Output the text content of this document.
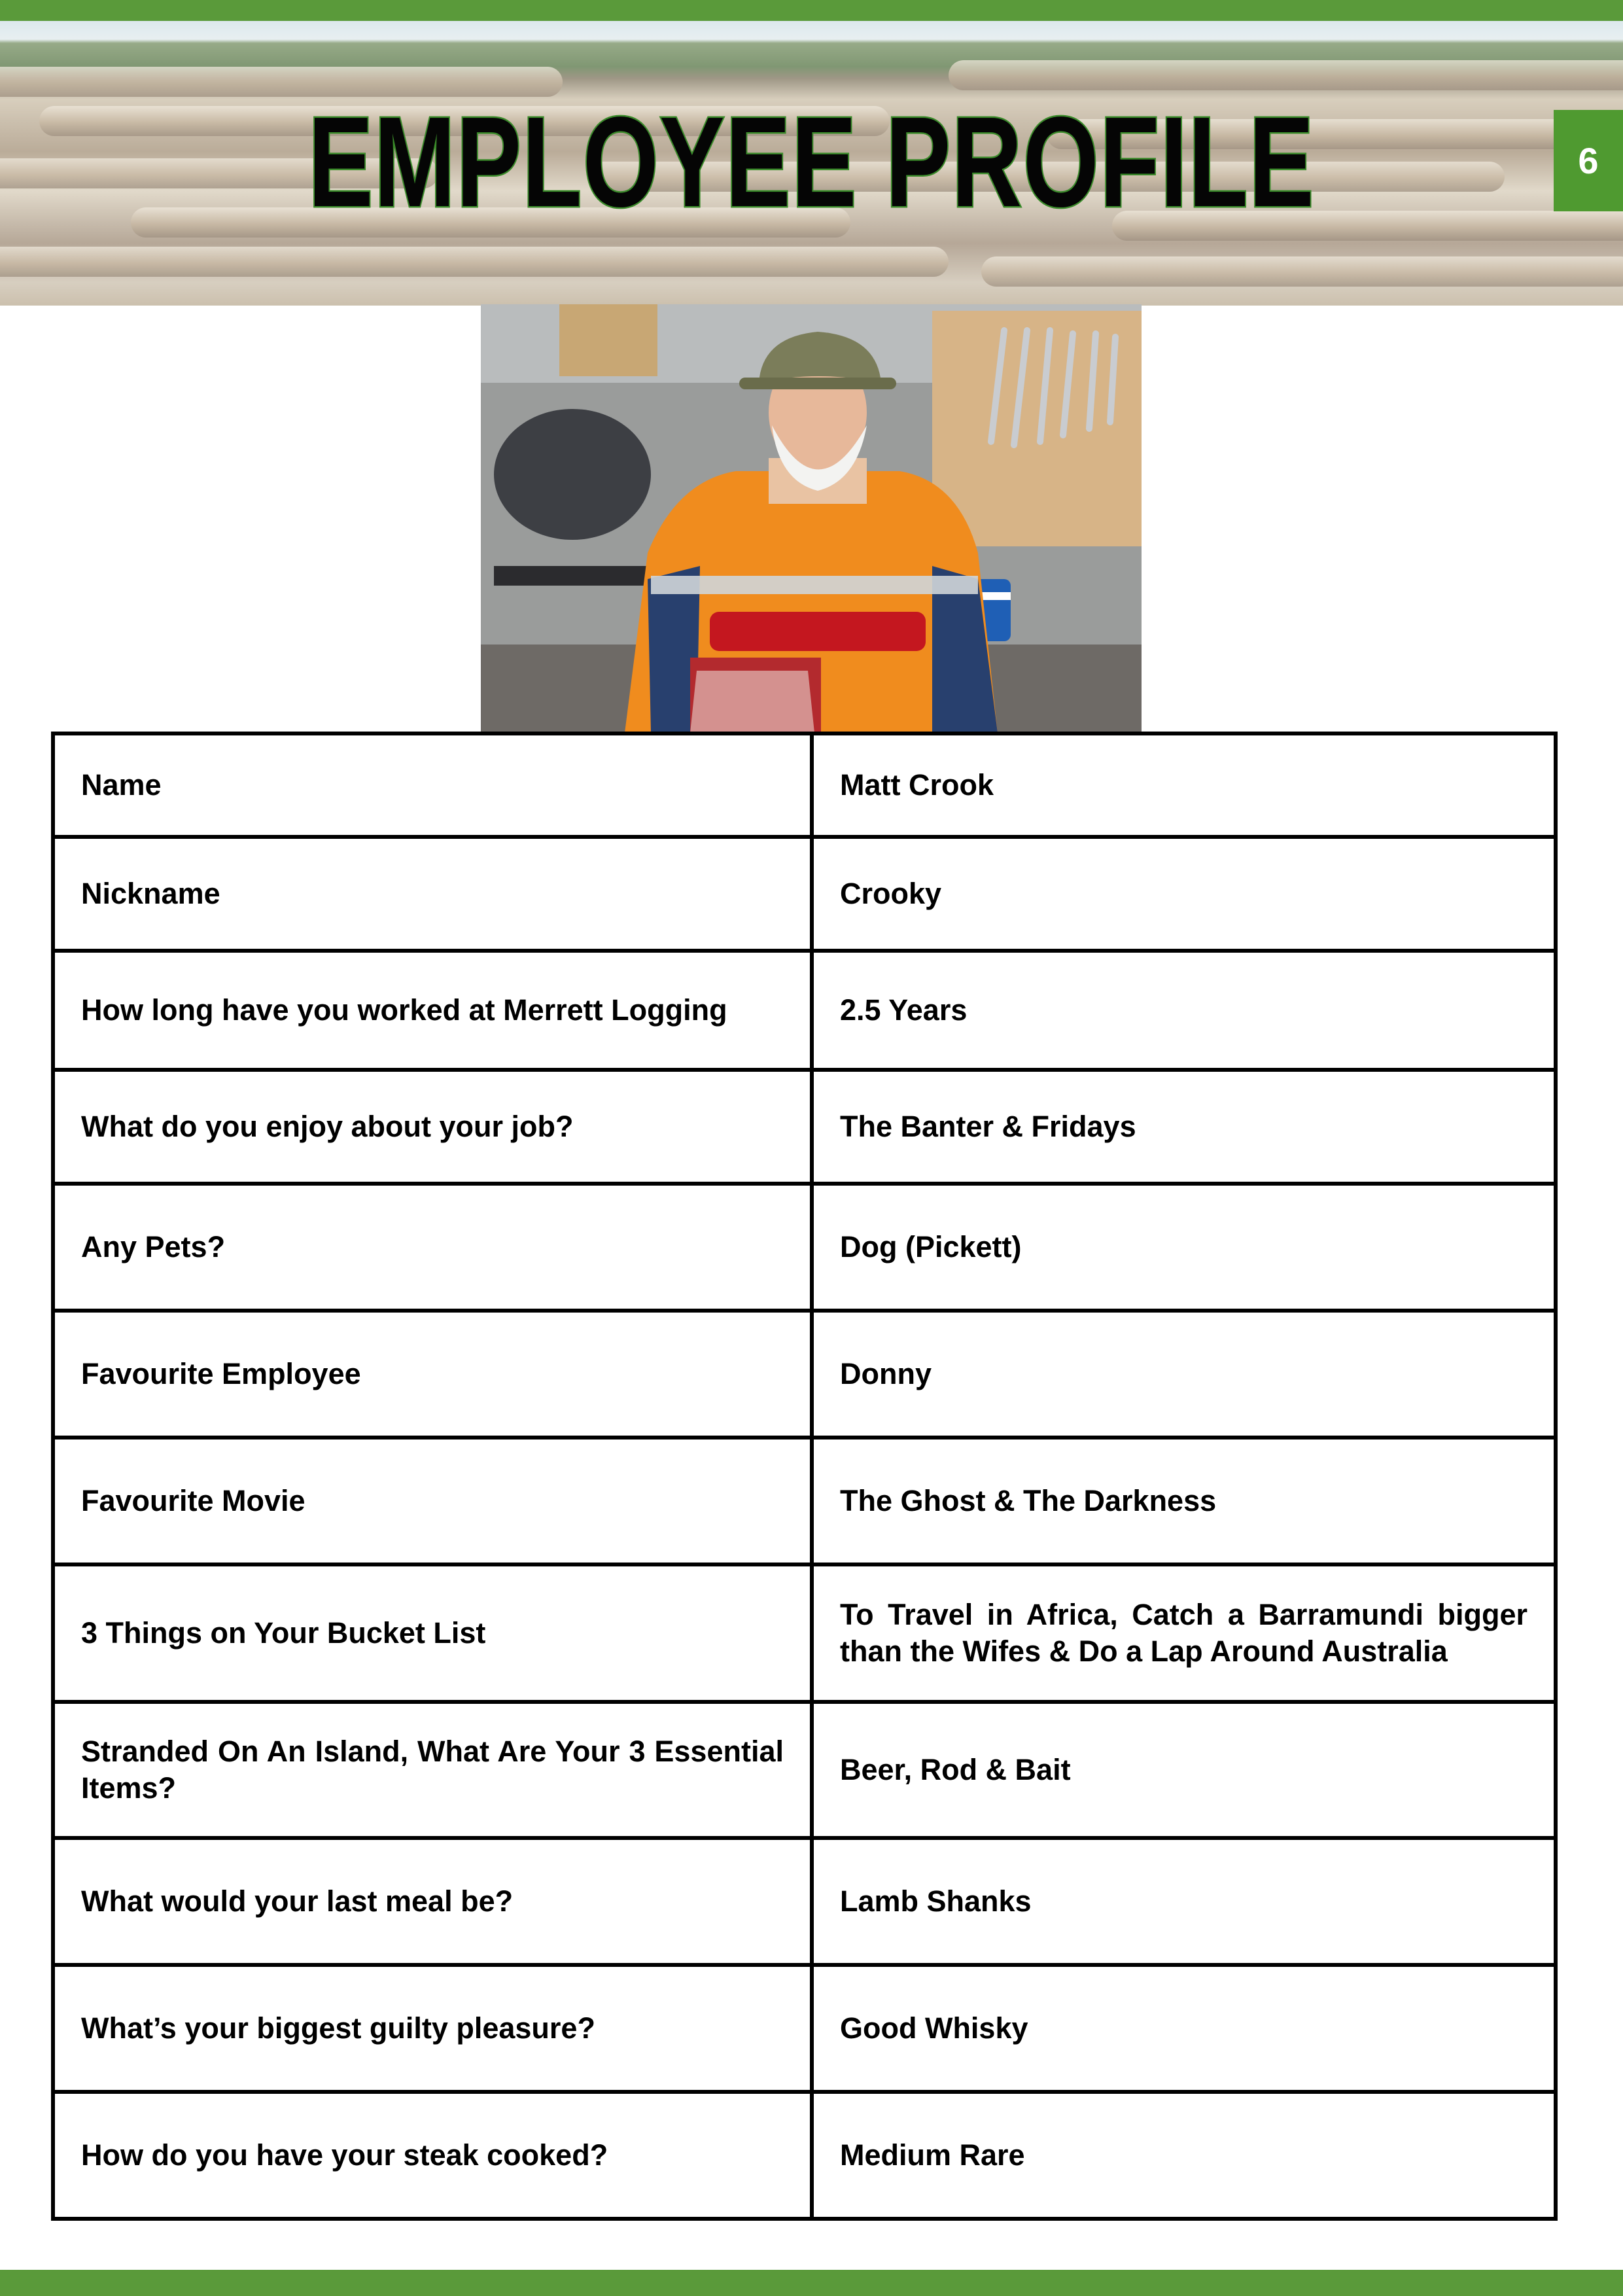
EMPLOYEE PROFILE	6
Name	Matt Crook
Nickname	Crooky
How long have you worked at Merrett Logging	2.5 Years
What do you enjoy about your job?	The Banter & Fridays
Any Pets?	Dog (Pickett)
Favourite Employee	Donny
Favourite Movie	The Ghost & The Darkness
3 Things on Your Bucket List	To Travel in Africa, Catch a Barramundi bigger than the Wifes & Do a Lap Around Australia
Stranded On An Island, What Are Your 3 Essential Items?	Beer, Rod & Bait
What would your last meal be?	Lamb Shanks
What’s your biggest guilty pleasure?	Good Whisky
How do you have your steak cooked?	Medium Rare
